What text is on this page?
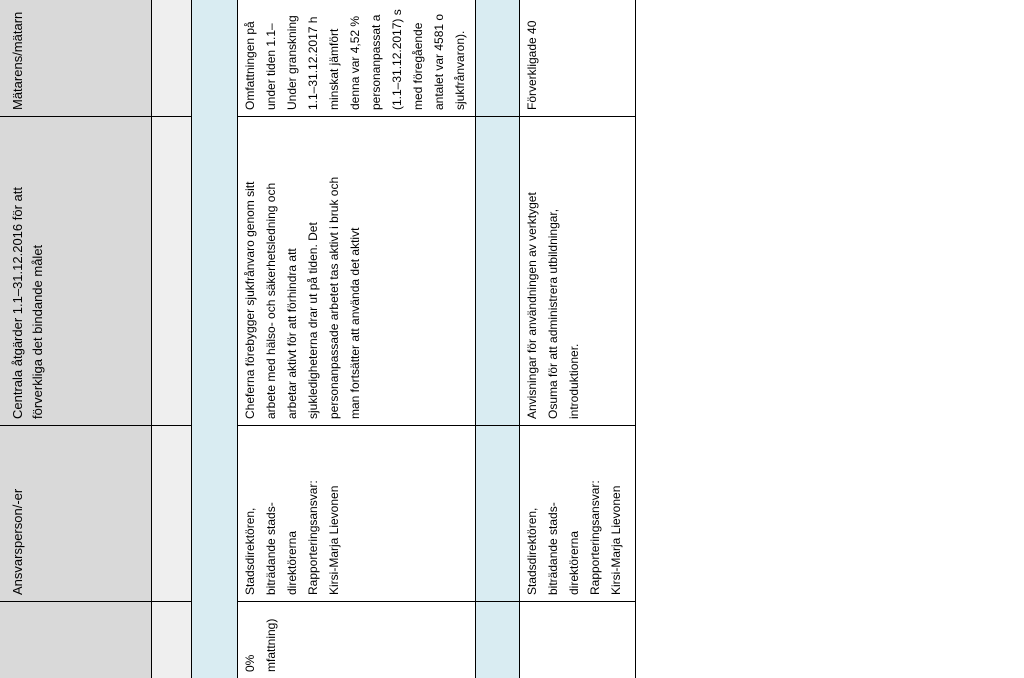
Mätarens/mätarn
Centrala åtgärder 1.1–31.12.2016 för att
förverkliga det bindande målet
Ansvarsperson/-er
0%
mfattning)
Stadsdirektören,
biträdande stads-
direktörerna
Rapporteringsansvar:
Kirsi-Marja Lievonen
Cheferna förebygger sjukfrånvaro genom sitt
arbete med hälso- och säkerhetsledning och
arbetar aktivt för att förhindra att
sjukledigheterna drar ut på tiden. Det
personanpassade arbetet tas aktivt i bruk och
man fortsätter att använda det aktivt
Omfattningen på
under tiden 1.1–
Under granskning
1.1–31.12.2017 h
minskat jämfört
denna var 4,52 %
personanpassat a
(1.1–31.12.2017) s
med föregående
antalet var 4581 o
sjukfrånvaron).
Stadsdirektören,
biträdande stads-
direktörerna
Rapporteringsansvar:
Kirsi-Marja Lievonen
Anvisningar för användningen av verktyget
Osuma för att administrera utbildningar,
introduktioner.
Förverkligade 40
